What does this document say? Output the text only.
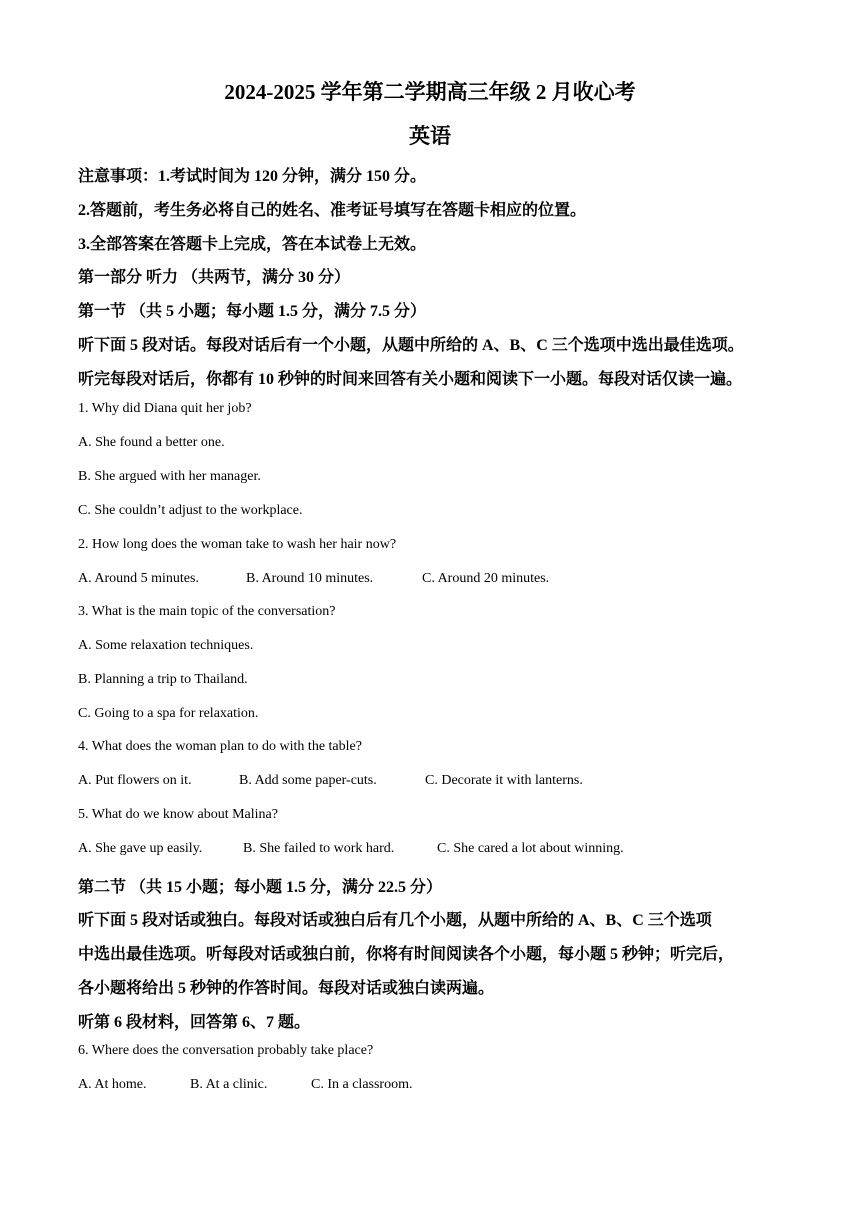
2024-2025 学年第二学期高三年级 2 月收心考
英语
注意事项：1.考试时间为 120 分钟，满分 150 分。
2.答题前，考生务必将自己的姓名、准考证号填写在答题卡相应的位置。
3.全部答案在答题卡上完成，答在本试卷上无效。
第一部分 听力 （共两节，满分 30 分）
第一节 （共 5 小题；每小题 1.5 分，满分 7.5 分）
听下面 5 段对话。每段对话后有一个小题，从题中所给的 A、B、C 三个选项中选出最佳选项。
听完每段对话后，你都有 10 秒钟的时间来回答有关小题和阅读下一小题。每段对话仅读一遍。
1. Why did Diana quit her job?
A. She found a better one.
B. She argued with her manager.
C. She couldn’t adjust to the workplace.
2. How long does the woman take to wash her hair now?
A. Around 5 minutes.	B. Around 10 minutes.	C. Around 20 minutes.
3. What is the main topic of the conversation?
A. Some relaxation techniques.
B. Planning a trip to Thailand.
C. Going to a spa for relaxation.
4. What does the woman plan to do with the table?
A. Put flowers on it.	B. Add some paper-cuts.	C. Decorate it with lanterns.
5. What do we know about Malina?
A. She gave up easily.	B. She failed to work hard.	C. She cared a lot about winning.
第二节 （共 15 小题；每小题 1.5 分，满分 22.5 分）
听下面 5 段对话或独白。每段对话或独白后有几个小题，从题中所给的 A、B、C 三个选项
中选出最佳选项。听每段对话或独白前，你将有时间阅读各个小题，每小题 5 秒钟；听完后，
各小题将给出 5 秒钟的作答时间。每段对话或独白读两遍。
听第 6 段材料，回答第 6、7 题。
6. Where does the conversation probably take place?
A. At home.	B. At a clinic.	C. In a classroom.
